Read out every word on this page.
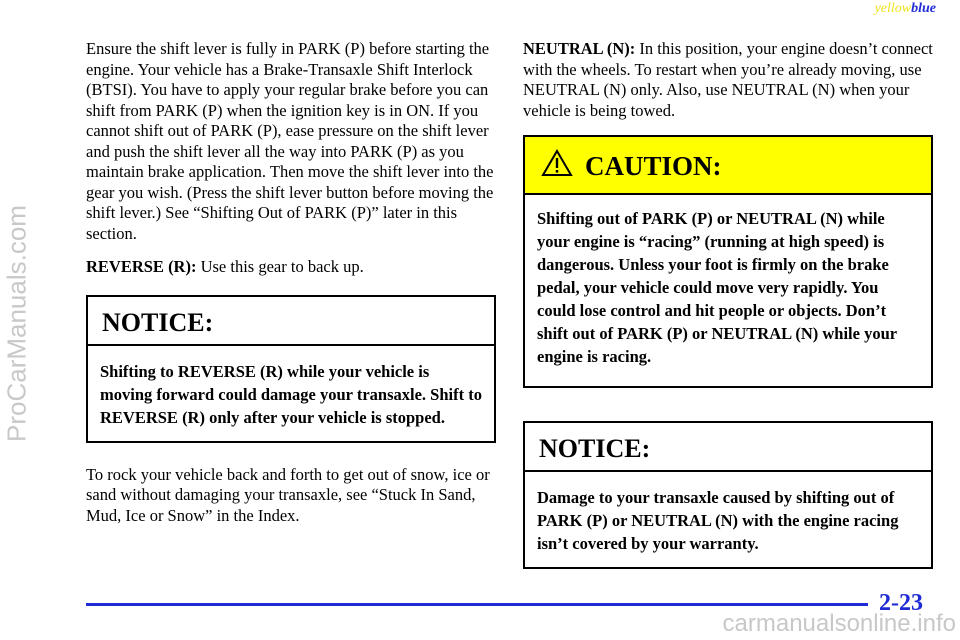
yellowblue
ProCarManuals.com

Ensure the shift lever is fully in PARK (P) before starting the engine. Your vehicle has a Brake-Transaxle Shift Interlock (BTSI). You have to apply your regular brake before you can shift from PARK (P) when the ignition key is in ON. If you cannot shift out of PARK (P), ease pressure on the shift lever and push the shift lever all the way into PARK (P) as you maintain brake application. Then move the shift lever into the gear you wish. (Press the shift lever button before moving the shift lever.) See “Shifting Out of PARK (P)” later in this section.

REVERSE (R): Use this gear to back up.

NOTICE:
Shifting to REVERSE (R) while your vehicle is moving forward could damage your transaxle. Shift to REVERSE (R) only after your vehicle is stopped.

To rock your vehicle back and forth to get out of snow, ice or sand without damaging your transaxle, see “Stuck In Sand, Mud, Ice or Snow” in the Index.

NEUTRAL (N): In this position, your engine doesn’t connect with the wheels. To restart when you’re already moving, use NEUTRAL (N) only. Also, use NEUTRAL (N) when your vehicle is being towed.

CAUTION:
Shifting out of PARK (P) or NEUTRAL (N) while your engine is “racing” (running at high speed) is dangerous. Unless your foot is firmly on the brake pedal, your vehicle could move very rapidly. You could lose control and hit people or objects. Don’t shift out of PARK (P) or NEUTRAL (N) while your engine is racing.
NOTICE:
Damage to your transaxle caused by shifting out of PARK (P) or NEUTRAL (N) with the engine racing isn’t covered by your warranty.
2-23
carmanualsonline.info
